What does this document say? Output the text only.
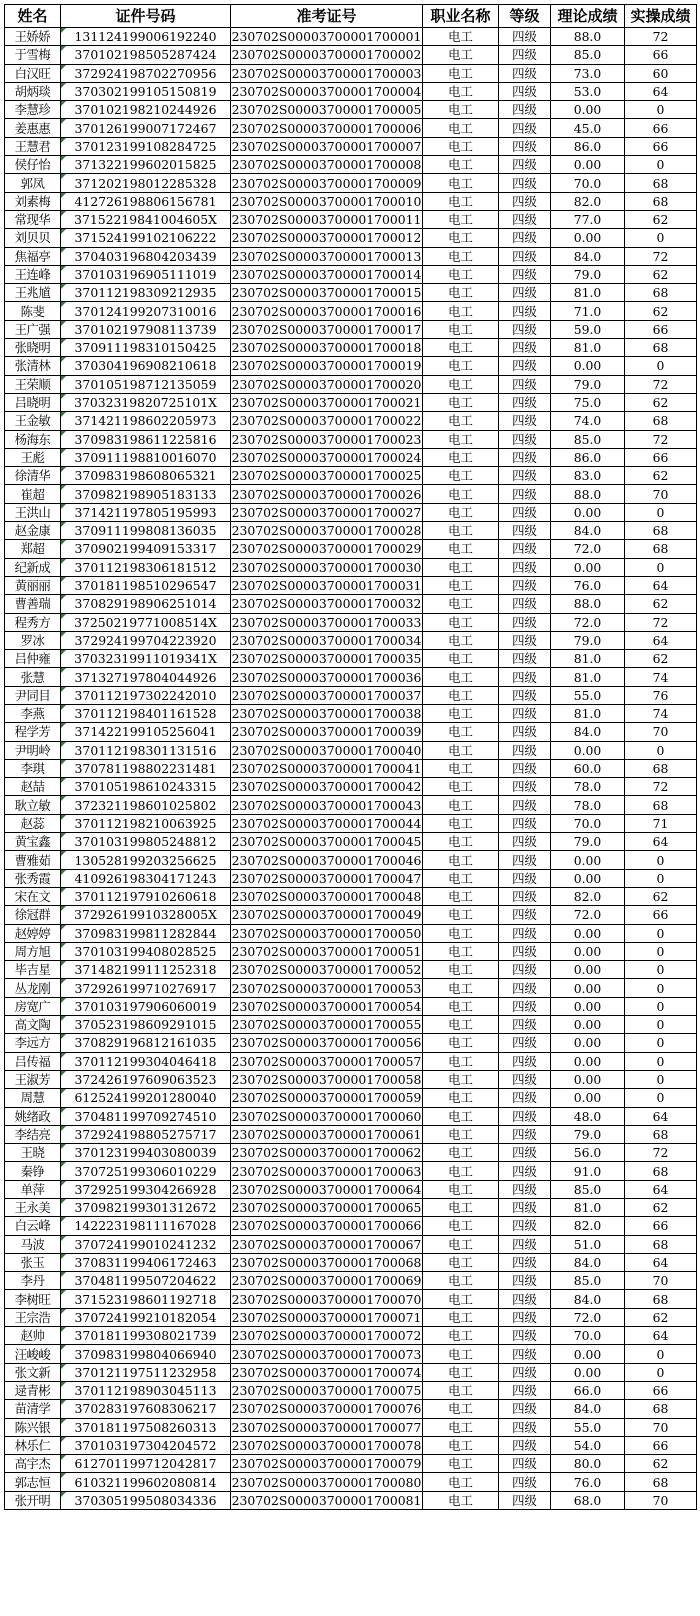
姓名	证件号码	准考证号	职业名称	等级	理论成绩	实操成绩
王娇娇	131124199006192240	230702S00003700001700001	电工	四级	88.0	72
于雪梅	370102198505287424	230702S00003700001700002	电工	四级	85.0	66
白汉旺	372924198702270956	230702S00003700001700003	电工	四级	73.0	60
胡炳琰	370302199105150819	230702S00003700001700004	电工	四级	53.0	64
李慧珍	370102198210244926	230702S00003700001700005	电工	四级	0.00	0
姜惠惠	370126199007172467	230702S00003700001700006	电工	四级	45.0	66
王慧君	370123199108284725	230702S00003700001700007	电工	四级	86.0	66
侯仔怡	371322199602015825	230702S00003700001700008	电工	四级	0.00	0
郭凤	371202198012285328	230702S00003700001700009	电工	四级	70.0	68
刘素梅	412726198806156781	230702S00003700001700010	电工	四级	82.0	68
常现华	37152219841004605X	230702S00003700001700011	电工	四级	77.0	62
刘贝贝	371524199102106222	230702S00003700001700012	电工	四级	0.00	0
焦福亭	370403196804203439	230702S00003700001700013	电工	四级	84.0	72
王连峰	370103196905111019	230702S00003700001700014	电工	四级	79.0	62
王兆馗	370112198309212935	230702S00003700001700015	电工	四级	81.0	68
陈斐	370124199207310016	230702S00003700001700016	电工	四级	71.0	62
王广强	370102197908113739	230702S00003700001700017	电工	四级	59.0	66
张晓明	370911198310150425	230702S00003700001700018	电工	四级	81.0	68
张清林	370304196908210618	230702S00003700001700019	电工	四级	0.00	0
王荣顺	370105198712135059	230702S00003700001700020	电工	四级	79.0	72
吕晓明	37032319820725101X	230702S00003700001700021	电工	四级	75.0	62
王金敏	371421198602205973	230702S00003700001700022	电工	四级	74.0	68
杨海东	370983198611225816	230702S00003700001700023	电工	四级	85.0	72
王彪	370911198810016070	230702S00003700001700024	电工	四级	86.0	66
徐清华	370983198608065321	230702S00003700001700025	电工	四级	83.0	62
崔超	370982198905183133	230702S00003700001700026	电工	四级	88.0	70
王洪山	371421197805195993	230702S00003700001700027	电工	四级	0.00	0
赵金康	370911199808136035	230702S00003700001700028	电工	四级	84.0	68
郑超	370902199409153317	230702S00003700001700029	电工	四级	72.0	68
纪新成	370112198306181512	230702S00003700001700030	电工	四级	0.00	0
黄丽丽	370181198510296547	230702S00003700001700031	电工	四级	76.0	64
曹善瑞	370829198906251014	230702S00003700001700032	电工	四级	88.0	62
程秀方	37250219771008514X	230702S00003700001700033	电工	四级	72.0	72
罗冰	372924199704223920	230702S00003700001700034	电工	四级	79.0	64
吕仲雍	37032319911019341X	230702S00003700001700035	电工	四级	81.0	62
张慧	371327197804044926	230702S00003700001700036	电工	四级	81.0	74
尹同目	370112197302242010	230702S00003700001700037	电工	四级	55.0	76
李燕	370112198401161528	230702S00003700001700038	电工	四级	81.0	74
程学芳	371422199105256041	230702S00003700001700039	电工	四级	84.0	70
尹明岭	370112198301131516	230702S00003700001700040	电工	四级	0.00	0
李琪	370781198802231481	230702S00003700001700041	电工	四级	60.0	68
赵喆	370105198610243315	230702S00003700001700042	电工	四级	78.0	72
耿立敏	372321198601025802	230702S00003700001700043	电工	四级	78.0	68
赵蕊	370112198210063925	230702S00003700001700044	电工	四级	70.0	71
黄宝鑫	370103199805248812	230702S00003700001700045	电工	四级	79.0	64
曹雅茹	130528199203256625	230702S00003700001700046	电工	四级	0.00	0
张秀霞	410926198304171243	230702S00003700001700047	电工	四级	0.00	0
宋在文	370112197910260618	230702S00003700001700048	电工	四级	82.0	62
徐冠群	37292619910328005X	230702S00003700001700049	电工	四级	72.0	66
赵婷婷	370983199811282844	230702S00003700001700050	电工	四级	0.00	0
周方旭	370103199408028525	230702S00003700001700051	电工	四级	0.00	0
毕吉星	371482199111252318	230702S00003700001700052	电工	四级	0.00	0
丛龙刚	372926199710276917	230702S00003700001700053	电工	四级	0.00	0
房宽广	370103197906060019	230702S00003700001700054	电工	四级	0.00	0
高文陶	370523198609291015	230702S00003700001700055	电工	四级	0.00	0
李远方	370829196812161035	230702S00003700001700056	电工	四级	0.00	0
吕传福	370112199304046418	230702S00003700001700057	电工	四级	0.00	0
王淑芳	372426197609063523	230702S00003700001700058	电工	四级	0.00	0
周慧	612524199201280040	230702S00003700001700059	电工	四级	0.00	0
姚绪政	370481199709274510	230702S00003700001700060	电工	四级	48.0	64
李结亮	372924198805275717	230702S00003700001700061	电工	四级	79.0	68
王晓	370123199403080039	230702S00003700001700062	电工	四级	56.0	72
秦铮	370725199306010229	230702S00003700001700063	电工	四级	91.0	68
单萍	372925199304266928	230702S00003700001700064	电工	四级	85.0	64
王永美	370982199301312672	230702S00003700001700065	电工	四级	81.0	62
白云峰	142223198111167028	230702S00003700001700066	电工	四级	82.0	66
马波	370724199010241232	230702S00003700001700067	电工	四级	51.0	68
张玉	370831199406172463	230702S00003700001700068	电工	四级	84.0	64
李丹	370481199507204622	230702S00003700001700069	电工	四级	85.0	70
李树旺	371523198601192718	230702S00003700001700070	电工	四级	84.0	68
王宗浩	370724199210182054	230702S00003700001700071	电工	四级	72.0	62
赵帅	370181199308021739	230702S00003700001700072	电工	四级	70.0	64
汪峻峻	370983199804066940	230702S00003700001700073	电工	四级	0.00	0
张文新	370121197511232958	230702S00003700001700074	电工	四级	0.00	0
逯青彬	370112198903045113	230702S00003700001700075	电工	四级	66.0	66
苗清学	370283197608306217	230702S00003700001700076	电工	四级	84.0	68
陈兴银	370181197508260313	230702S00003700001700077	电工	四级	55.0	70
林乐仁	370103197304204572	230702S00003700001700078	电工	四级	54.0	66
高宇杰	612701199712042817	230702S00003700001700079	电工	四级	80.0	62
郭志恒	610321199602080814	230702S00003700001700080	电工	四级	76.0	68
张开明	370305199508034336	230702S00003700001700081	电工	四级	68.0	70
